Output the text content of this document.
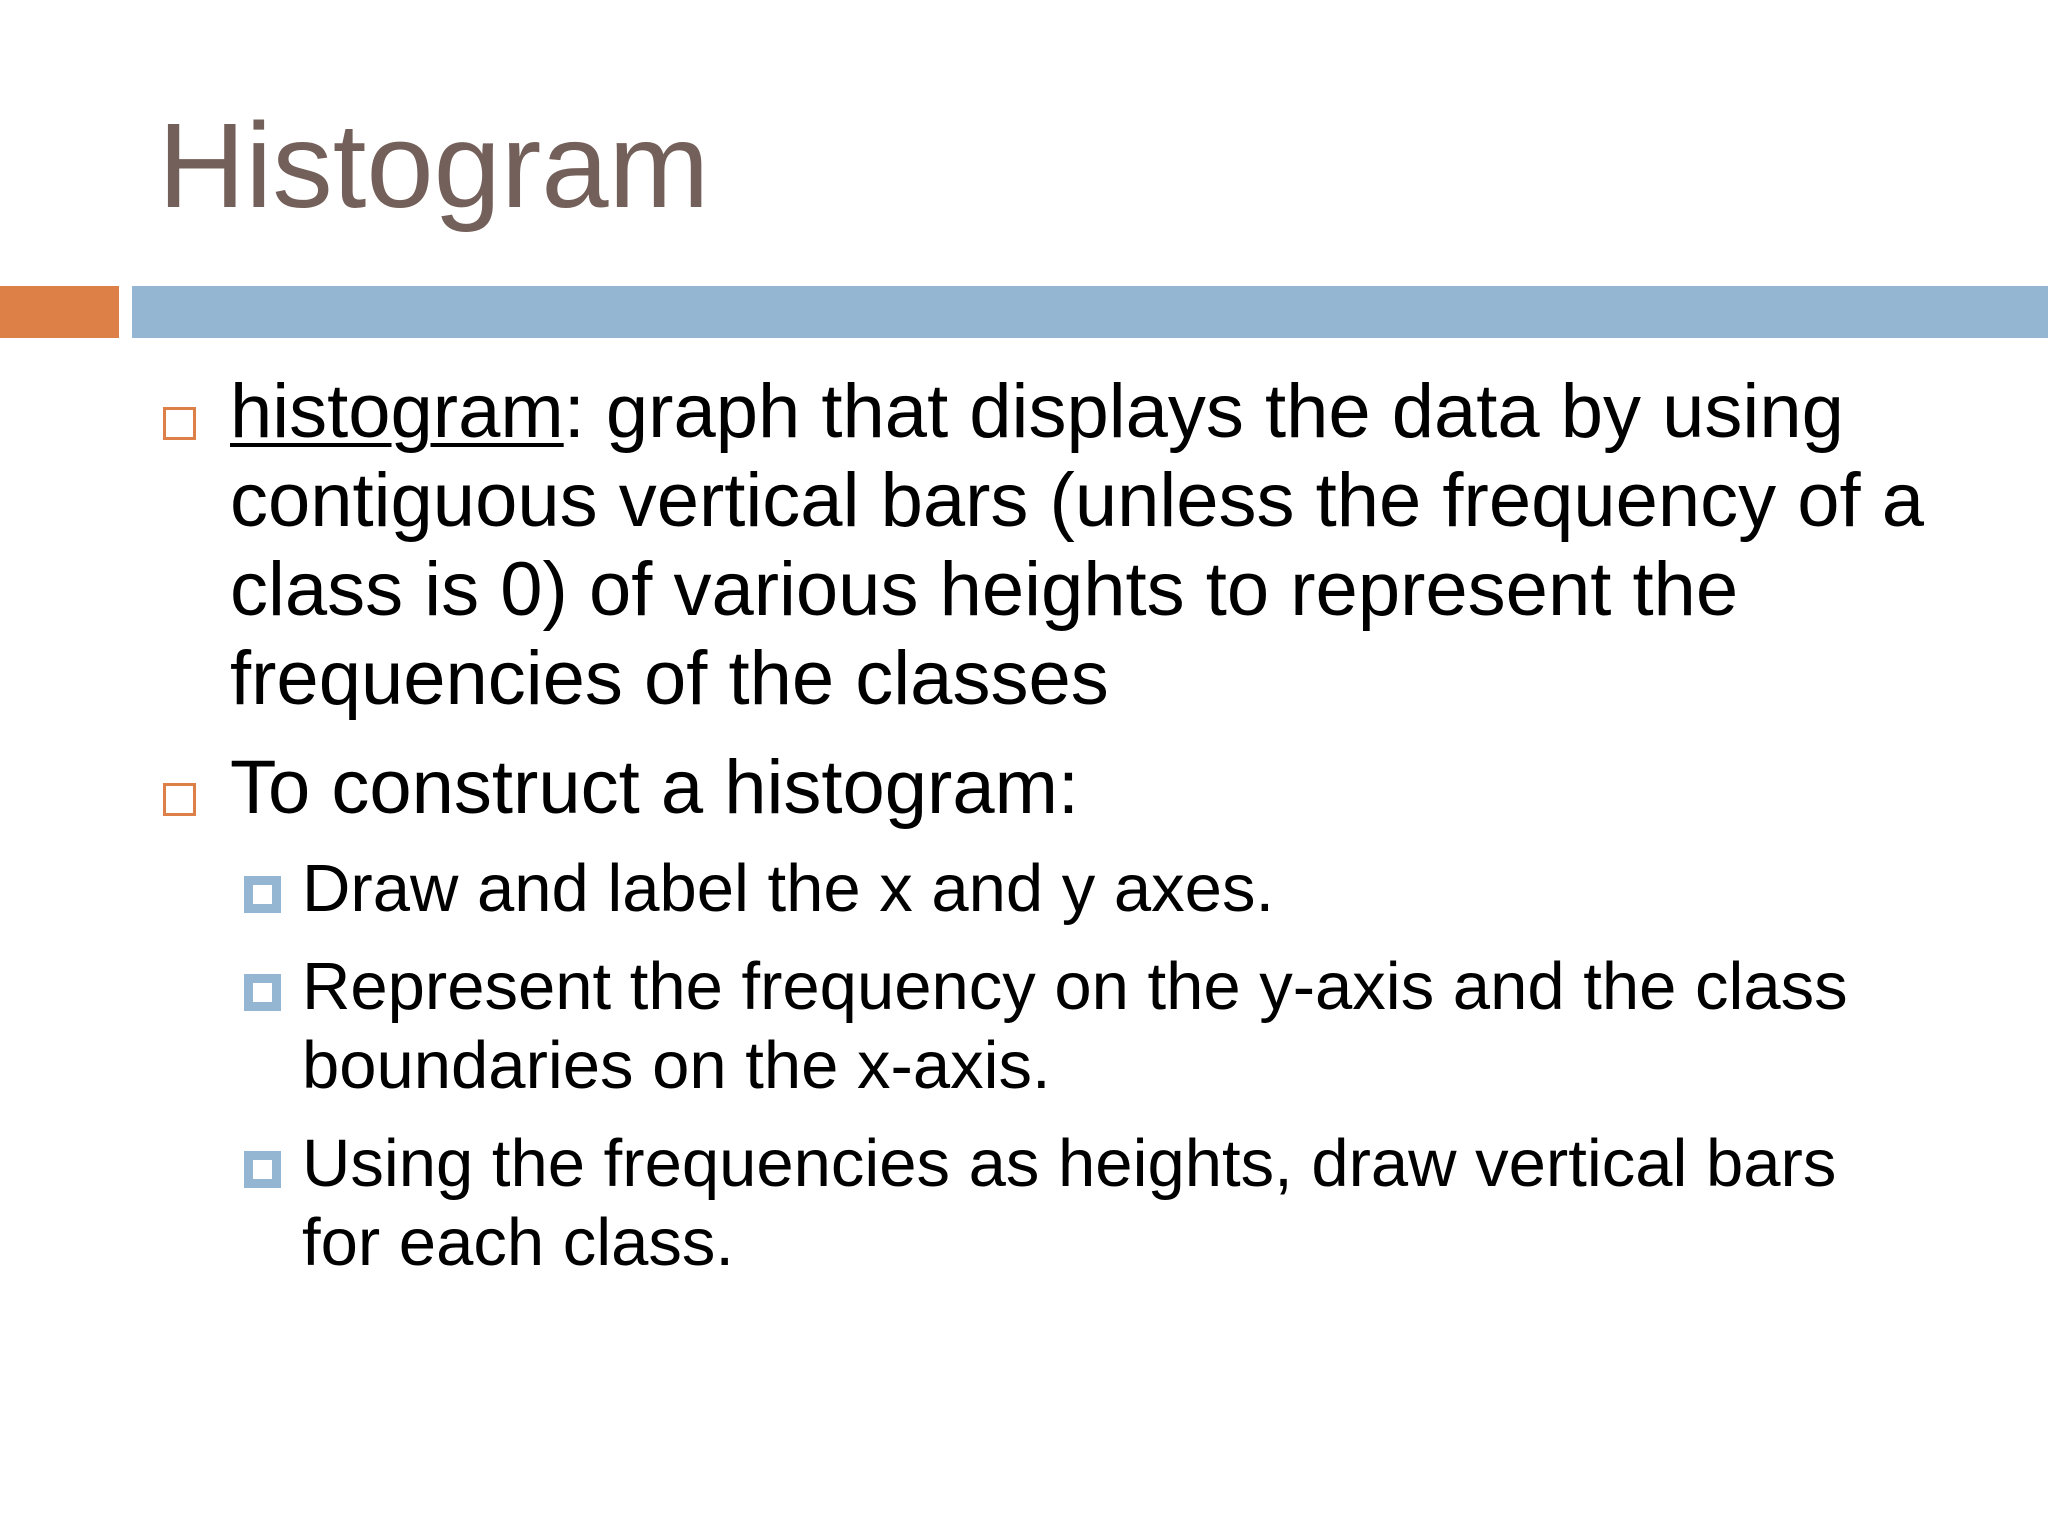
Histogram
histogram: graph that displays the data by using contiguous vertical bars (unless the frequency of a class is 0) of various heights to represent the frequencies of the classes
To construct a histogram:
Draw and label the x and y axes.
Represent the frequency on the y-axis and the class boundaries on the x-axis.
Using the frequencies as heights, draw vertical bars for each class.
